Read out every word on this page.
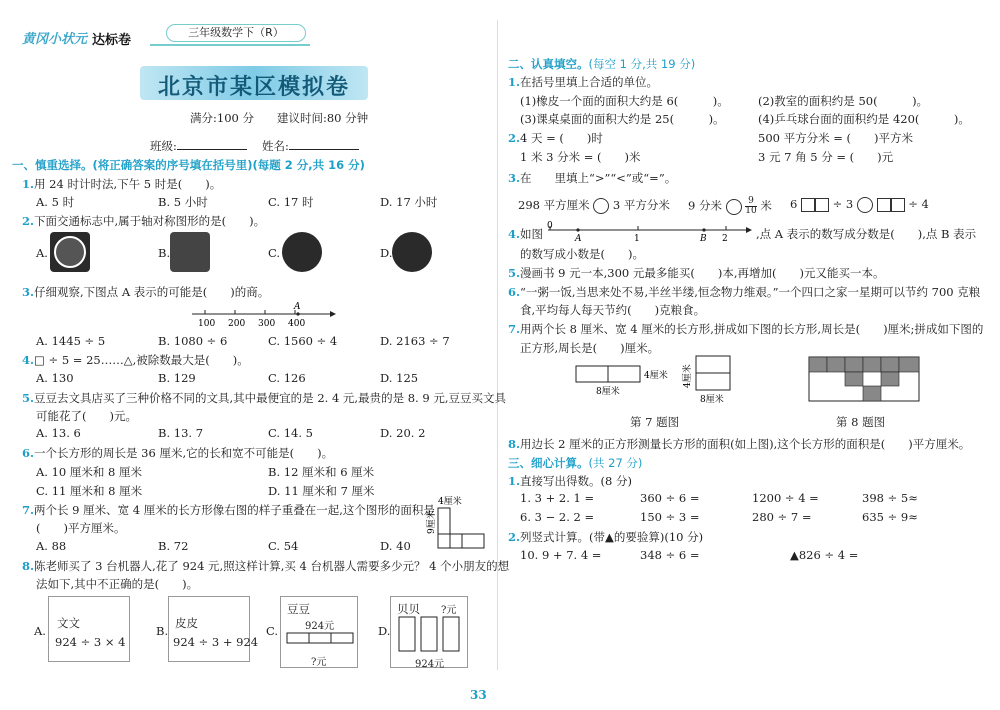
黄冈小状元 达标卷
三年级数学下（R）
北京市某区模拟卷
满分:100 分　　建议时间:80 分钟
班级:	姓名:
一、慎重选择。(将正确答案的序号填在括号里)(每题 2 分,共 16 分)
1.用 24 时计时法,下午 5 时是(　　)。
A. 5 时	B. 5 小时	C. 17 时	D. 17 小时
2.下面交通标志中,属于轴对称图形的是(　　)。
A.	B.	C.	D.
3.仔细观察,下图点 A 表示的可能是(　　)的商。
100 200 300 400
A
A. 1445 ÷ 5	B. 1080 ÷ 6	C. 1560 ÷ 4	D. 2163 ÷ 7
4.□ ÷ 5 = 25……△,被除数最大是(　　)。
A. 130	B. 129	C. 126	D. 125
5.豆豆去文具店买了三种价格不同的文具,其中最便宜的是 2. 4 元,最贵的是 8. 9 元,豆豆买文具
可能花了(　　)元。
A. 13. 6	B. 13. 7	C. 14. 5	D. 20. 2
6.一个长方形的周长是 36 厘米,它的长和宽不可能是(　　)。
A. 10 厘米和 8 厘米	B. 12 厘米和 6 厘米
C. 11 厘米和 8 厘米	D. 11 厘米和 7 厘米
7.两个长 9 厘米、宽 4 厘米的长方形像右图的样子重叠在一起,这个图形的面积是
(　　)平方厘米。
4厘米
9厘米
A. 88	B. 72	C. 54	D. 40
8.陈老师买了 3 台机器人,花了 924 元,照这样计算,买 4 台机器人需要多少元？ 4 个小朋友的想
法如下,其中不正确的是(　　)。
A.
文文
924 ÷ 3 × 4
B.
皮皮
924 ÷ 3 + 924
C.
豆豆
924元
?元
D.
贝贝 ?元
924元
二、认真填空。(每空 1 分,共 19 分)
1.在括号里填上合适的单位。
(1)橡皮一个面的面积大约是 6(　　　)。	(2)教室的面积约是 50(　　　)。
(3)课桌桌面的面积大约是 25(　　　)。	(4)乒乓球台面的面积约是 420(　　　)。
2.4 天 = (　　)时	500 平方分米 = (　　)平方米
1 米 3 分米 = (　　)米	3 元 7 角 5 分 = (　　)元
3.在　　里填上“>”“<”或“=”。
298 平方厘米 3 平方分米 9 分米	$\frac{9}{10}$ 米 6	÷ 3	÷ 4
4.如图
0
A	1	B 2 ,点 A 表示的数写成分数是(　　),点 B 表示
的数写成小数是(　　)。
5.漫画书 9 元一本,300 元最多能买(　　)本,再增加(　　)元又能买一本。
6.“一粥一饭,当思来处不易,半丝半缕,恒念物力维艰。”一个四口之家一星期可以节约 700 克粮
食,平均每人每天节约(　　)克粮食。
7.用两个长 8 厘米、宽 4 厘米的长方形,拼成如下图的长方形,周长是(　　)厘米;拼成如下图的
正方形,周长是(　　)厘米。
4厘米
8厘米
4厘米
8厘米
第 7 题图	第 8 题图
8.用边长 2 厘米的正方形测量长方形的面积(如上图),这个长方形的面积是(　　)平方厘米。
三、细心计算。(共 27 分)
1.直接写出得数。(8 分)
1. 3 + 2. 1 =	360 ÷ 6 =	1200 ÷ 4 =	398 ÷ 5≈
6. 3 − 2. 2 =	150 ÷ 3 =	280 ÷ 7 =	635 ÷ 9≈
2.列竖式计算。(带▲的要验算)(10 分)
10. 9 + 7. 4 =	348 ÷ 6 =	▲826 ÷ 4 =
33
